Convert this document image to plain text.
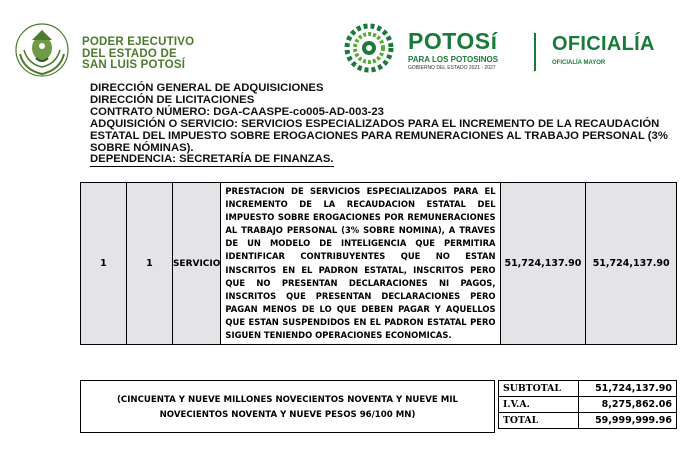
PODER EJECUTIVO
DEL ESTADO DE
SAN LUIS POTOSÍ
POTOSí
PARA LOS POTOSINOS
GOBIERNO DEL ESTADO 2021 - 2027
OFICIALÍA
OFICIALÍA MAYOR
DIRECCIÓN GENERAL DE ADQUISICIONES
DIRECCIÓN DE LICITACIONES
CONTRATO NÚMERO: DGA-CAASPE-co005-AD-003-23
ADQUISICIÓN O SERVICIO: SERVICIOS ESPECIALIZADOS PARA EL INCREMENTO DE LA RECAUDACIÓN ESTATAL DEL IMPUESTO SOBRE EROGACIONES PARA REMUNERACIONES AL TRABAJO PERSONAL (3% SOBRE NÓMINAS).
DEPENDENCIA: SECRETARÍA DE FINANZAS.
1	1	SERVICIO	PRESTACION DE SERVICIOS ESPECIALIZADOS PARA EL INCREMENTO DE LA RECAUDACION ESTATAL DEL IMPUESTO SOBRE EROGACIONES POR REMUNERACIONES AL TRABAJO PERSONAL (3% SOBRE NOMINA), A TRAVES DE UN MODELO DE INTELIGENCIA QUE PERMITIRA IDENTIFICAR CONTRIBUYENTES QUE NO ESTAN INSCRITOS EN EL PADRON ESTATAL, INSCRITOS PERO QUE NO PRESENTAN DECLARACIONES NI PAGOS, INSCRITOS QUE PRESENTAN DECLARACIONES PERO PAGAN MENOS DE LO QUE DEBEN PAGAR Y AQUELLOS QUE ESTAN SUSPENDIDOS EN EL PADRON ESTATAL PERO SIGUEN TENIENDO OPERACIONES ECONOMICAS.	51,724,137.90	51,724,137.90
(CINCUENTA Y NUEVE MILLONES NOVECIENTOS NOVENTA Y NUEVE MIL
NOVECIENTOS NOVENTA Y NUEVE PESOS 96/100 MN)
SUBTOTAL	51,724,137.90
I.V.A.	8,275,862.06
TOTAL	59,999,999.96
